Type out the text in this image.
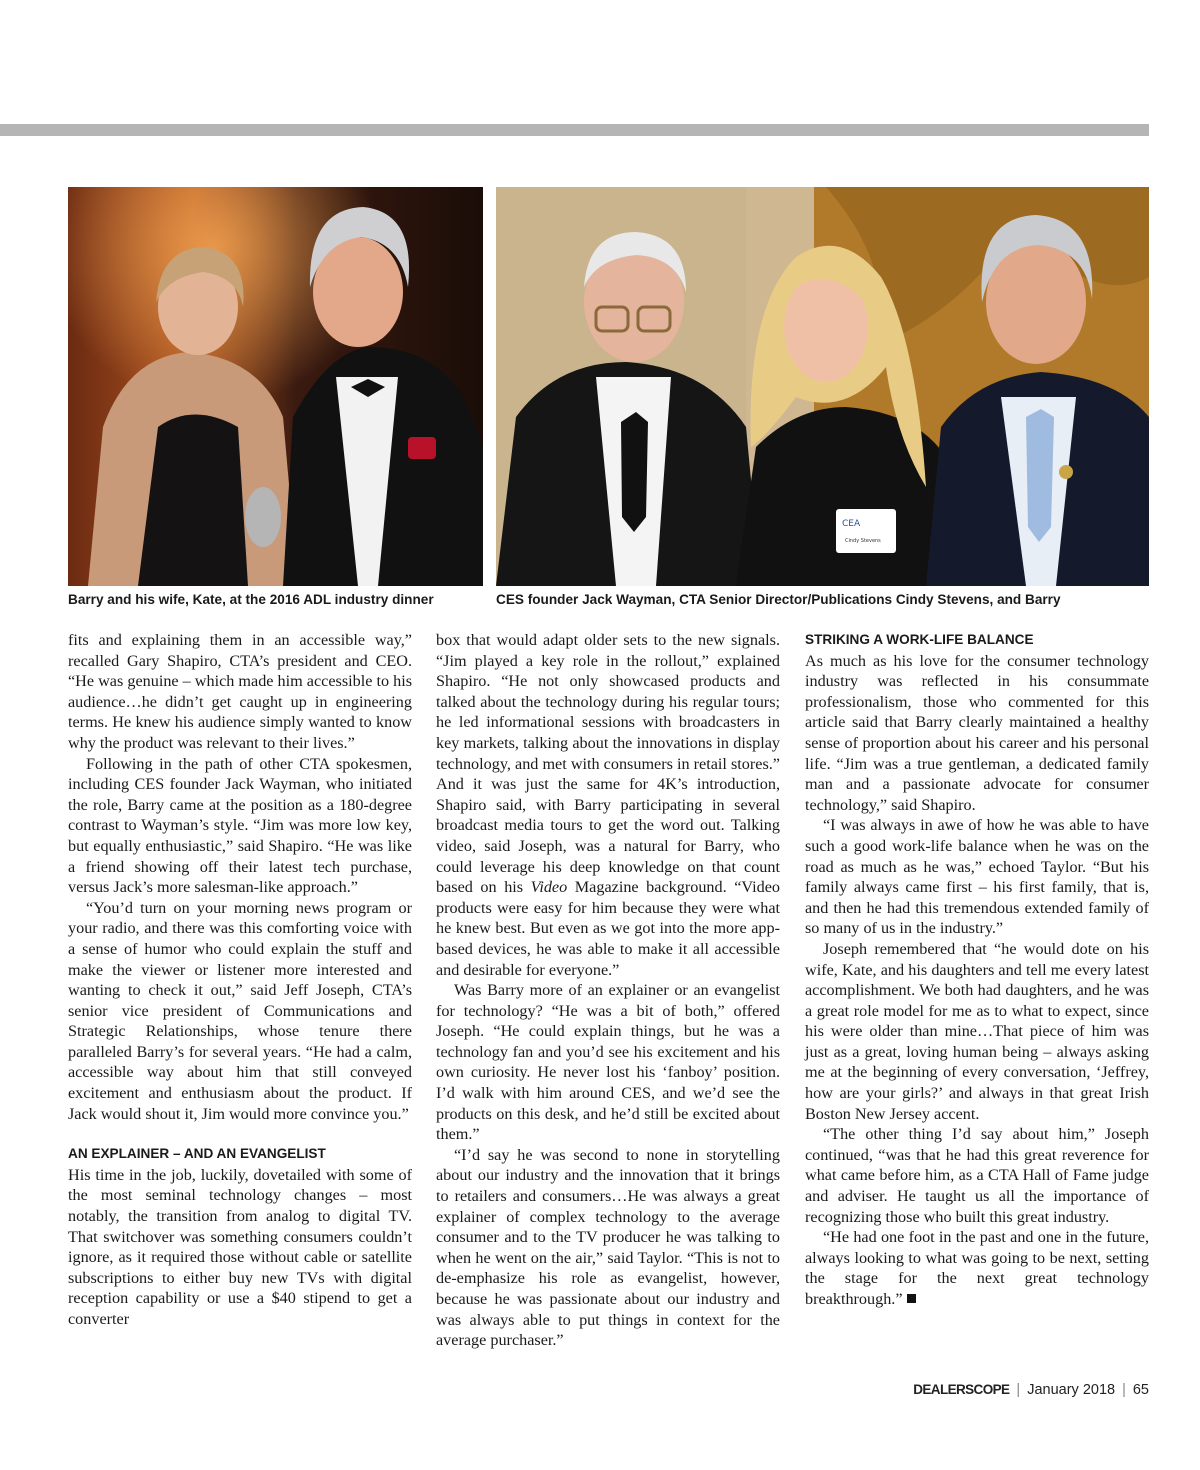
CEA
Cindy Stevens
Barry and his wife, Kate, at the 2016 ADL industry dinner	CES founder Jack Wayman, CTA Senior Director/Publications Cindy Stevens, and Barry

fits and explaining them in an accessible way,” recalled Gary Shapiro, CTA’s president and CEO. “He was genuine – which made him accessible to his audience…he didn’t get caught up in engineering terms. He knew his audience simply wanted to know why the product was relevant to their lives.”

Following in the path of other CTA spokesmen, including CES founder Jack Wayman, who initiated the role, Barry came at the position as a 180-degree contrast to Wayman’s style. “Jim was more low key, but equally enthusiastic,” said Shapiro. “He was like a friend showing off their latest tech purchase, versus Jack’s more salesman-like approach.”

“You’d turn on your morning news program or your radio, and there was this comforting voice with a sense of humor who could explain the stuff and make the viewer or listener more interested and wanting to check it out,” said Jeff Joseph, CTA’s senior vice president of Communications and Strategic Relationships, whose tenure there paralleled Barry’s for several years. “He had a calm, accessible way about him that still conveyed excitement and enthusiasm about the product. If Jack would shout it, Jim would more convince you.”

AN EXPLAINER – AND AN EVANGELIST

His time in the job, luckily, dovetailed with some of the most seminal technology changes – most notably, the transition from analog to digital TV. That switchover was something consumers couldn’t ignore, as it required those without cable or satellite subscriptions to either buy new TVs with digital reception capability or use a $40 stipend to get a converter

box that would adapt older sets to the new signals. “Jim played a key role in the rollout,” explained Shapiro. “He not only showcased products and talked about the technology during his regular tours; he led informational sessions with broadcasters in key markets, talking about the innovations in display technology, and met with consumers in retail stores.” And it was just the same for 4K’s introduction, Shapiro said, with Barry participating in several broadcast media tours to get the word out. Talking video, said Joseph, was a natural for Barry, who could leverage his deep knowledge on that count based on his Video Magazine background. “Video products were easy for him because they were what he knew best. But even as we got into the more app-based devices, he was able to make it all accessible and desirable for everyone.”

Was Barry more of an explainer or an evangelist for technology? “He was a bit of both,” offered Joseph. “He could explain things, but he was a technology fan and you’d see his excitement and his own curiosity. He never lost his ‘fanboy’ position. I’d walk with him around CES, and we’d see the products on this desk, and he’d still be excited about them.”

“I’d say he was second to none in storytelling about our industry and the innovation that it brings to retailers and consumers…He was always a great explainer of complex technology to the average consumer and to the TV producer he was talking to when he went on the air,” said Taylor. “This is not to de-emphasize his role as evangelist, however, because he was passionate about our industry and was always able to put things in context for the average purchaser.”

STRIKING A WORK-LIFE BALANCE

As much as his love for the consumer technology industry was reflected in his consummate professionalism, those who commented for this article said that Barry clearly maintained a healthy sense of proportion about his career and his personal life. “Jim was a true gentleman, a dedicated family man and a passionate advocate for consumer technology,” said Shapiro.

“I was always in awe of how he was able to have such a good work-life balance when he was on the road as much as he was,” echoed Taylor. “But his family always came first – his first family, that is, and then he had this tremendous extended family of so many of us in the industry.”

Joseph remembered that “he would dote on his wife, Kate, and his daughters and tell me every latest accomplishment. We both had daughters, and he was a great role model for me as to what to expect, since his were older than mine…That piece of him was just as a great, loving human being – always asking me at the beginning of every conversation, ‘Jeffrey, how are your girls?’ and always in that great Irish Boston New Jersey accent.

“The other thing I’d say about him,” Joseph continued, “was that he had this great reverence for what came before him, as a CTA Hall of Fame judge and adviser. He taught us all the importance of recognizing those who built this great industry.

“He had one foot in the past and one in the future, always looking to what was going to be next, setting the stage for the next great technology breakthrough.”

DEALERSCOPE | January 2018 | 65
